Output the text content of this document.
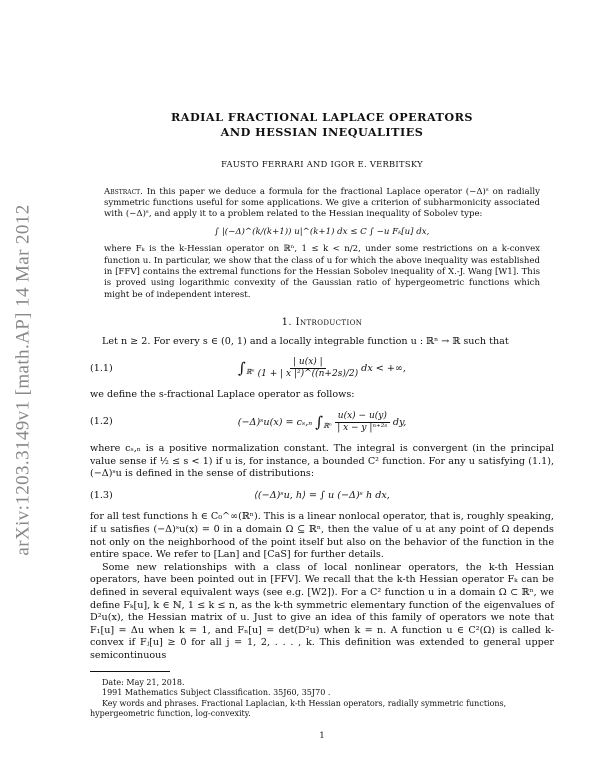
arXiv:1203.3149v1 [math.AP] 14 Mar 2012
RADIAL FRACTIONAL LAPLACE OPERATORS
AND HESSIAN INEQUALITIES
FAUSTO FERRARI AND IGOR E. VERBITSKY

Abstract. In this paper we deduce a formula for the fractional Laplace operator (−Δ)ˢ on radially symmetric functions useful for some applications. We give a criterion of subharmonicity associated with (−Δ)ˢ, and apply it to a problem related to the Hessian inequality of Sobolev type:

∫ |(−Δ)^(k/(k+1)) u|^(k+1) dx ≤ C ∫ −u Fₖ[u] dx,

where Fₖ is the k-Hessian operator on ℝⁿ, 1 ≤ k < n/2, under some restrictions on a k-convex function u. In particular, we show that the class of u for which the above inequality was established in [FFV] contains the extremal functions for the Hessian Sobolev inequality of X.-J. Wang [W1]. This is proved using logarithmic convexity of the Gaussian ratio of hypergeometric functions which might be of independent interest.

1. Introduction

Let n ≥ 2. For every s ∈ (0, 1) and a locally integrable function u : ℝⁿ → ℝ such that

(1.1)	$\int_{ℝ^n} \frac{| u(x) |}{\text{(1 + | x |²)\textasciicircum{}((n+2s)/2)}}$ dx < +∞,

we define the s-fractional Laplace operator as follows:

(1.2)	(−Δ)ˢu(x) = cₛ,ₙ $\int_{ℝ^n} \frac{u(x) - u(y)}{\text{| x − y |ⁿ⁺²ˢ}}$ dy,

where cₛ,ₙ is a positive normalization constant. The integral is convergent (in the principal value sense if ½ ≤ s < 1) if u is, for instance, a bounded C² function. For any u satisfying (1.1), (−Δ)ˢu is defined in the sense of distributions:

(1.3)	⟨(−Δ)ˢu, h⟩ = ∫ u (−Δ)ˢ h dx,

for all test functions h ∈ C₀^∞(ℝⁿ). This is a linear nonlocal operator, that is, roughly speaking, if u satisfies (−Δ)ˢu(x) = 0 in a domain Ω ⊆ ℝⁿ, then the value of u at any point of Ω depends not only on the neighborhood of the point itself but also on the behavior of the function in the entire space. We refer to [Lan] and [CaS] for further details.

Some new relationships with a class of local nonlinear operators, the k-th Hessian operators, have been pointed out in [FFV]. We recall that the k-th Hessian operator Fₖ can be defined in several equivalent ways (see e.g. [W2]). For a C² function u in a domain Ω ⊂ ℝⁿ, we define Fₖ[u], k ∈ ℕ, 1 ≤ k ≤ n, as the k-th symmetric elementary function of the eigenvalues of D²u(x), the Hessian matrix of u. Just to give an idea of this family of operators we note that F₁[u] = Δu when k = 1, and Fₙ[u] = det(D²u) when k = n. A function u ∈ C²(Ω) is called k-convex if Fⱼ[u] ≥ 0 for all j = 1, 2, . . . , k. This definition was extended to general upper semicontinuous

Date: May 21, 2018.
1991 Mathematics Subject Classification. 35J60, 35J70 .
Key words and phrases. Fractional Laplacian, k-th Hessian operators, radially symmetric functions, hypergeometric function, log-convexity.
1
